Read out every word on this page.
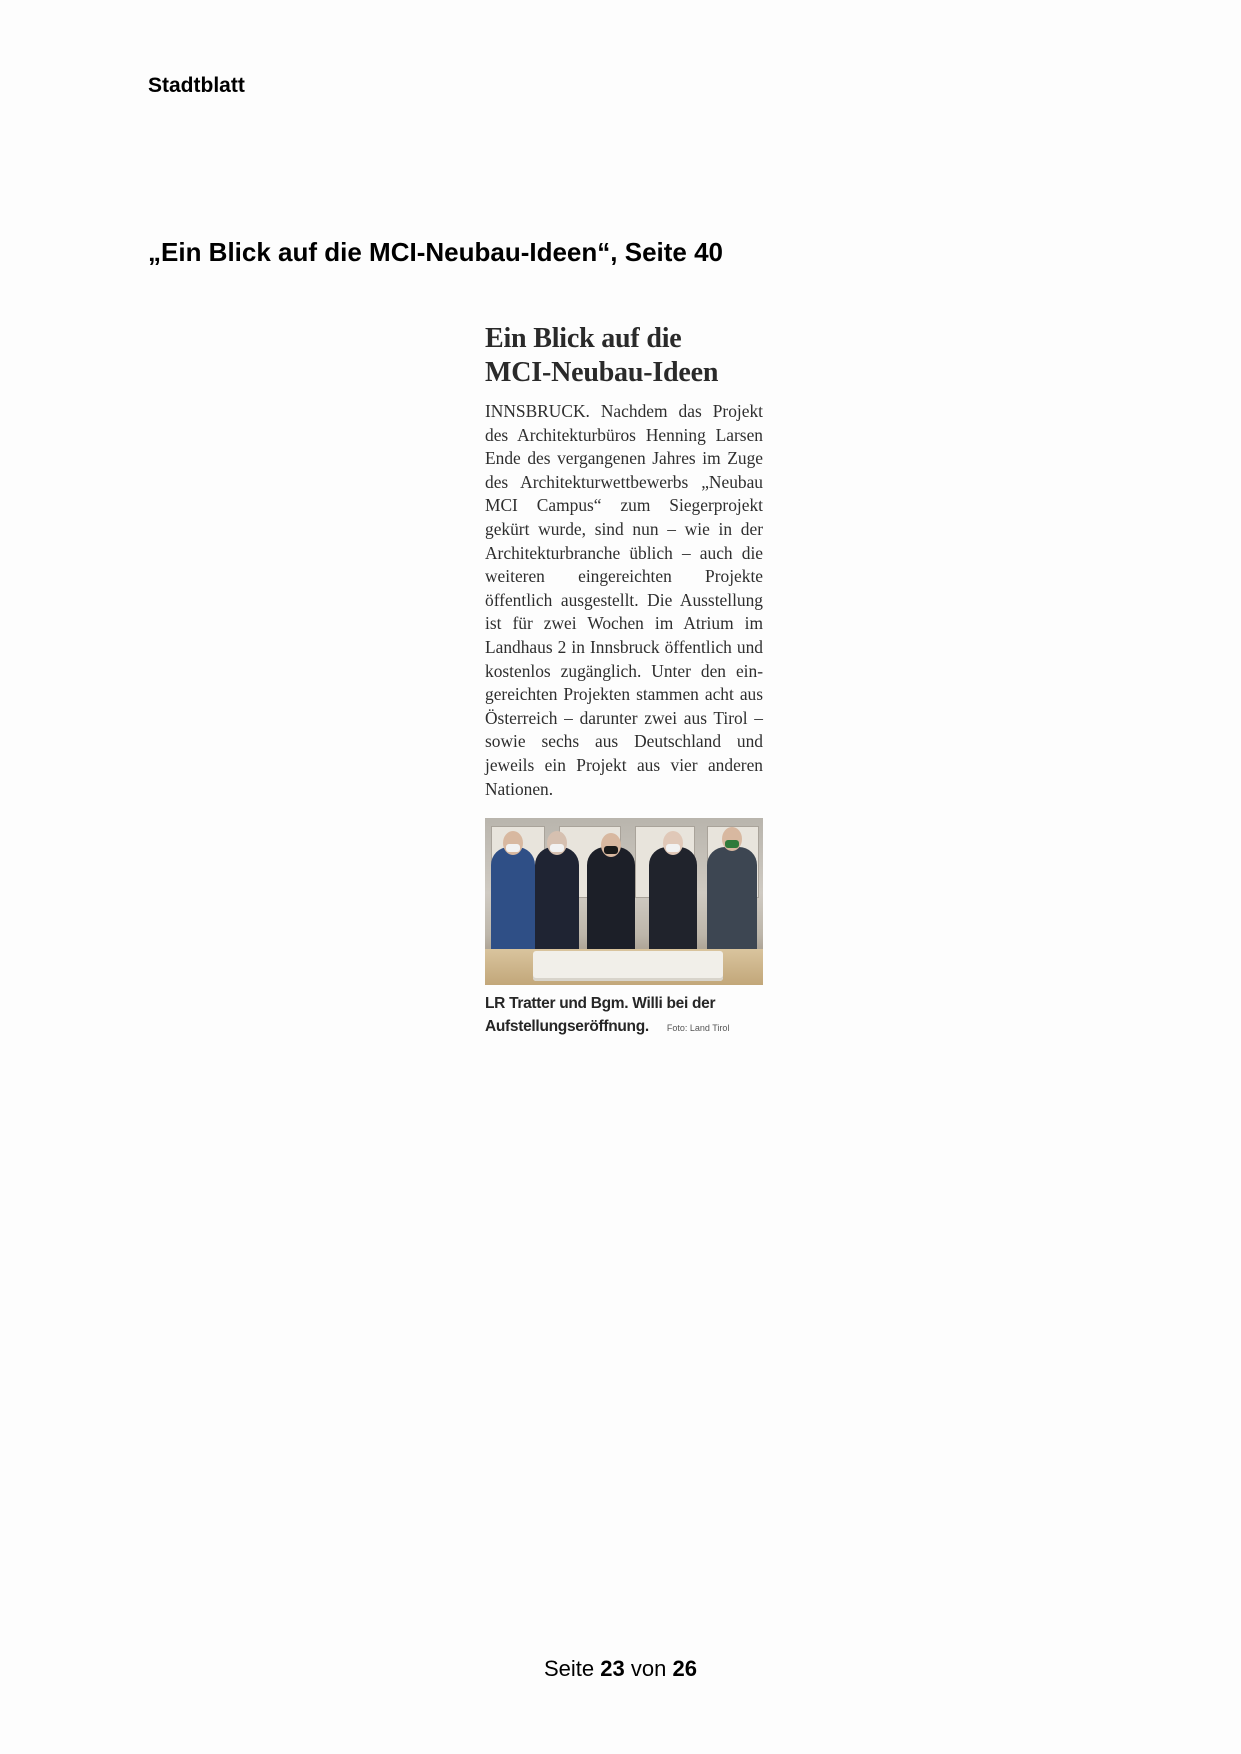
Stadtblatt
„Ein Blick auf die MCI-Neubau-Ideen“, Seite 40
Ein Blick auf die
MCI-Neubau-Ideen

INNSBRUCK. Nachdem das Projekt des Architekturbüros Henning Larsen Ende des vergangenen Jahres im Zuge des Architekturwettbewerbs „Neubau MCI Campus“ zum Siegerprojekt gekürt wurde, sind nun – wie in der Architekturbranche üblich – auch die weiteren eingereichten Projekte öffentlich ausgestellt. Die Ausstellung ist für zwei Wochen im Atrium im Landhaus 2 in Innsbruck öffentlich und kostenlos zugänglich. Unter den eingereichten Projekten stammen acht aus Österreich – darunter zwei aus Tirol – sowie sechs aus Deutschland und jeweils ein Projekt aus vier anderen Nationen.

LR Tratter und Bgm. Willi bei der
Aufstellungseröffnung. Foto: Land Tirol
Seite 23 von 26
